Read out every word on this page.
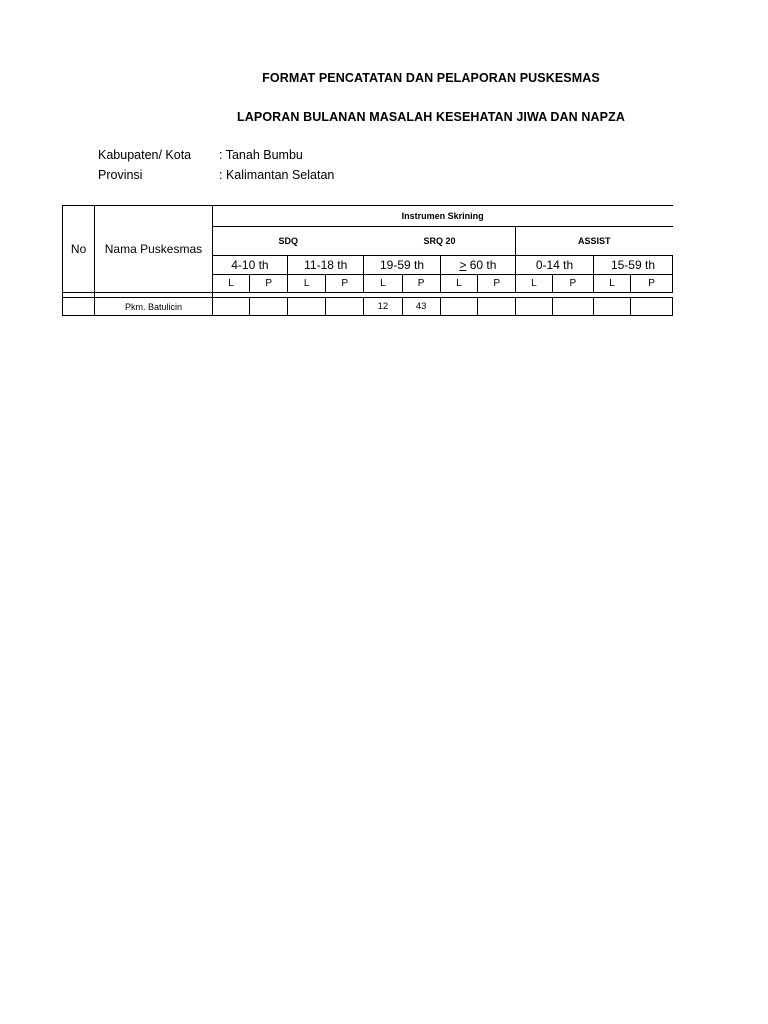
FORMAT PENCATATAN DAN PELAPORAN PUSKESMAS
LAPORAN BULANAN MASALAH KESEHATAN JIWA DAN NAPZA
Kabupaten/ Kota : Tanah Bumbu
Provinsi	: Kalimantan Selatan
No	Nama Puskesmas	Instrumen Skrining											
		SDQ				SRQ 20				ASSIST			
		4-10 th		11-18 th		19-59 th		≥ 60 th		0-14 th		15-59 th	
		L	P	L	P	L	P	L	P	L	P	L	P

	Pkm. Batulicin					12	43						
